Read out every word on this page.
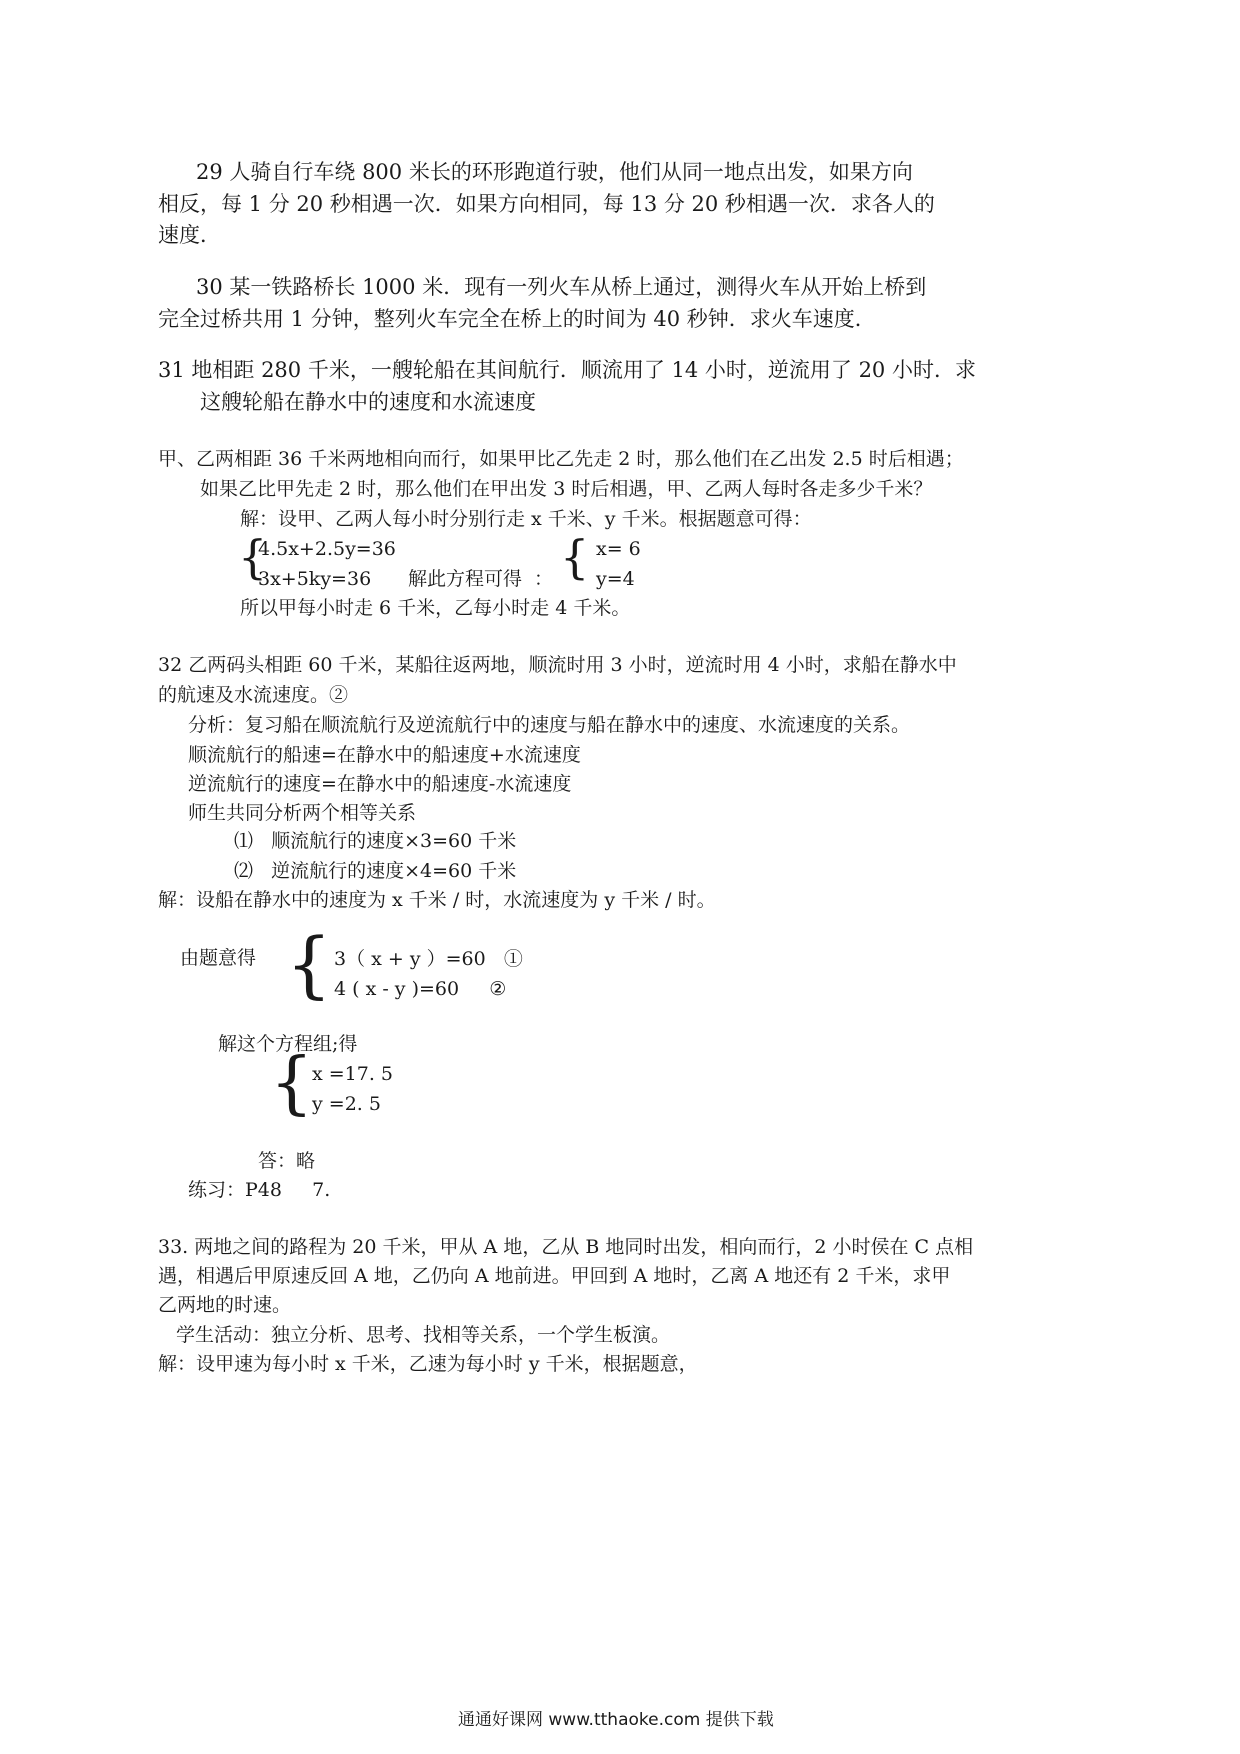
29 人骑自行车绕 800 米长的环形跑道行驶，他们从同一地点出发，如果方向
相反，每 1 分 20 秒相遇一次．如果方向相同，每 13 分 20 秒相遇一次．求各人的
速度．
30 某一铁路桥长 1000 米．现有一列火车从桥上通过，测得火车从开始上桥到
完全过桥共用 1 分钟，整列火车完全在桥上的时间为 40 秒钟．求火车速度．
31 地相距 280 千米，一艘轮船在其间航行．顺流用了 14 小时，逆流用了 20 小时．求
这艘轮船在静水中的速度和水流速度
甲、乙两相距 36 千米两地相向而行，如果甲比乙先走 2 时，那么他们在乙出发 2.5 时后相遇；
如果乙比甲先走 2 时，那么他们在甲出发 3 时后相遇，甲、乙两人每时各走多少千米？
解：设甲、乙两人每小时分别行走 x 千米、y 千米。根据题意可得：
{
4.5x+2.5y=36
3x+5ky=36 解此方程可得 ： { x= 6
y=4
所以甲每小时走 6 千米，乙每小时走 4 千米。
32 乙两码头相距 60 千米，某船往返两地，顺流时用 3 小时，逆流时用 4 小时，求船在静水中
的航速及水流速度。②
分析：复习船在顺流航行及逆流航行中的速度与船在静水中的速度、水流速度的关系。
顺流航行的船速=在静水中的船速度+水流速度
逆流航行的速度=在静水中的船速度-水流速度
师生共同分析两个相等关系
⑴   顺流航行的速度×3=60 千米
⑵   逆流航行的速度×4=60 千米
解：设船在静水中的速度为 x 千米 / 时，水流速度为 y 千米 / 时。
由题意得 { 3（ x + y ）=60   ①
4 ( x - y )=60     ②
解这个方程组;得
{
x =17. 5
y =2. 5
答：略
练习：P48     7.
33. 两地之间的路程为 20 千米，甲从 A 地，乙从 B 地同时出发，相向而行，2 小时侯在 C 点相
遇，相遇后甲原速反回 A 地，乙仍向 A 地前进。甲回到 A 地时，乙离 A 地还有 2 千米，求甲
乙两地的时速。
学生活动：独立分析、思考、找相等关系，一个学生板演。
解：设甲速为每小时 x 千米，乙速为每小时 y 千米，根据题意，
通通好课网 www.tthaoke.com 提供下载
